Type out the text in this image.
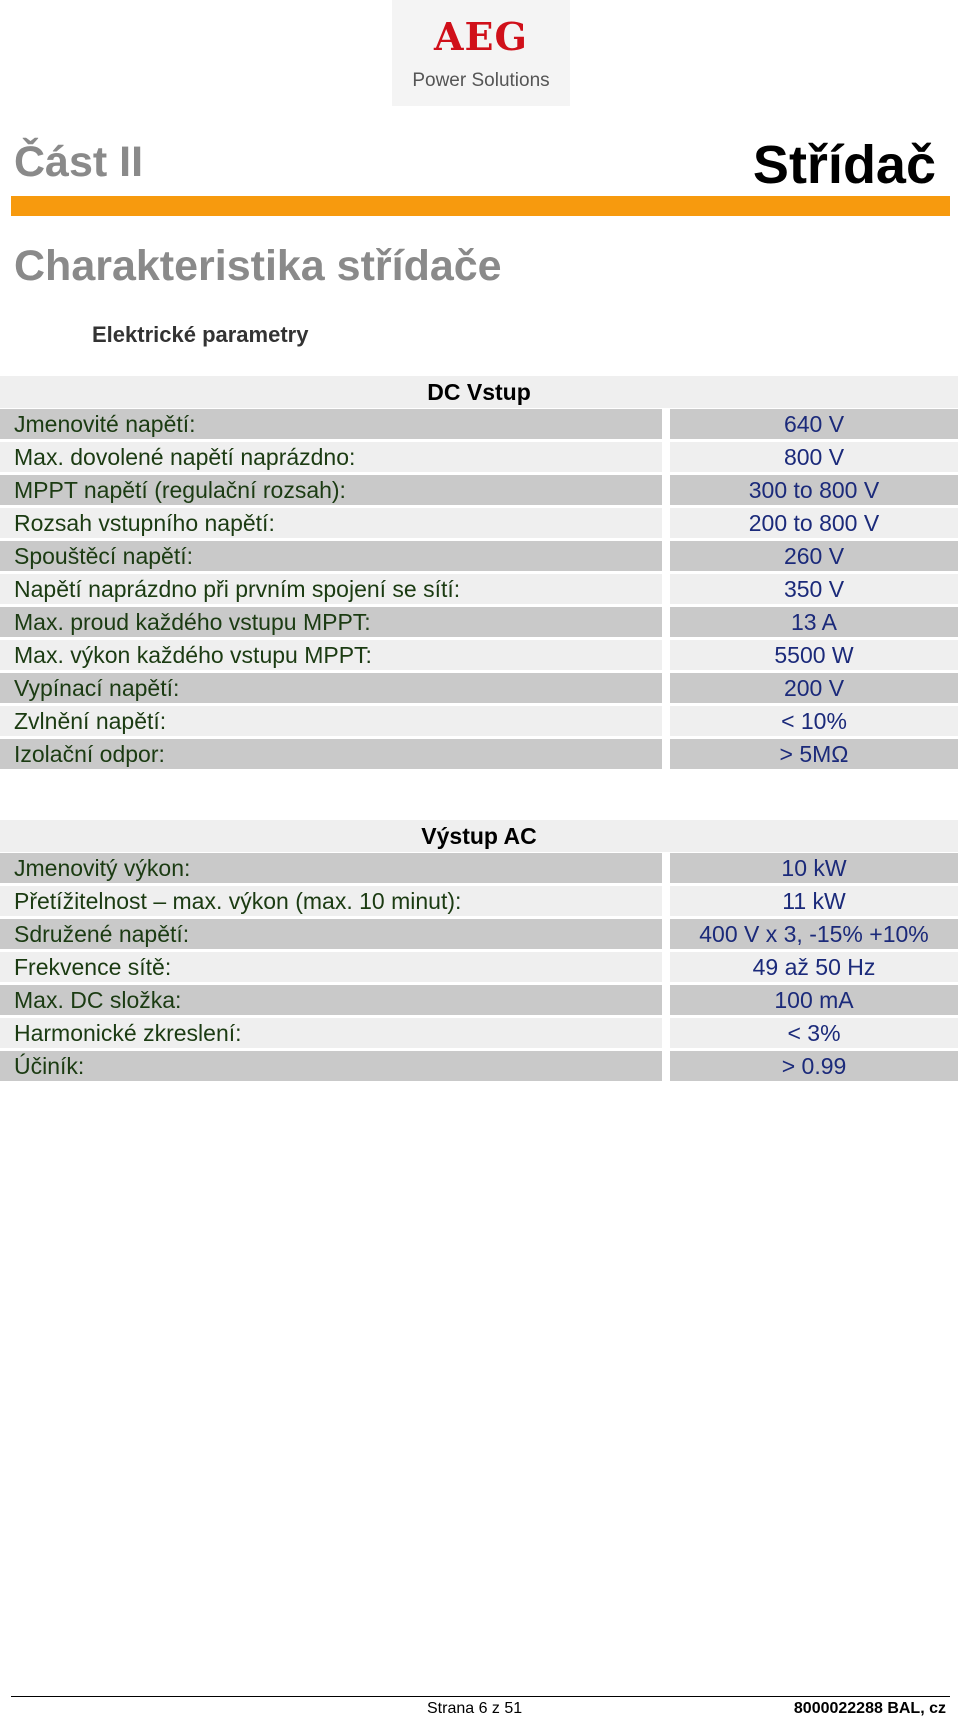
AEG
Power Solutions
Část II	Střídač
Charakteristika střídače
Elektrické parametry
DC Vstup
Jmenovité napětí:	640 V
Max. dovolené napětí naprázdno:	800 V
MPPT napětí (regulační rozsah):	300 to 800 V
Rozsah vstupního napětí:	200 to 800 V
Spouštěcí napětí:	260 V
Napětí naprázdno při prvním spojení se sítí:	350 V
Max. proud každého vstupu MPPT:	13 A
Max. výkon každého vstupu MPPT:	5500 W
Vypínací napětí:	200 V
Zvlnění napětí:	< 10%
Izolační odpor:	> 5MΩ
Výstup AC
Jmenovitý výkon:	10 kW
Přetížitelnost – max. výkon (max. 10 minut):	11 kW
Sdružené napětí:	400 V x 3, -15% +10%
Frekvence sítě:	49 až 50 Hz
Max. DC složka:	100 mA
Harmonické zkreslení:	< 3%
Účiník:	> 0.99
Strana 6 z 51	8000022288 BAL, cz
